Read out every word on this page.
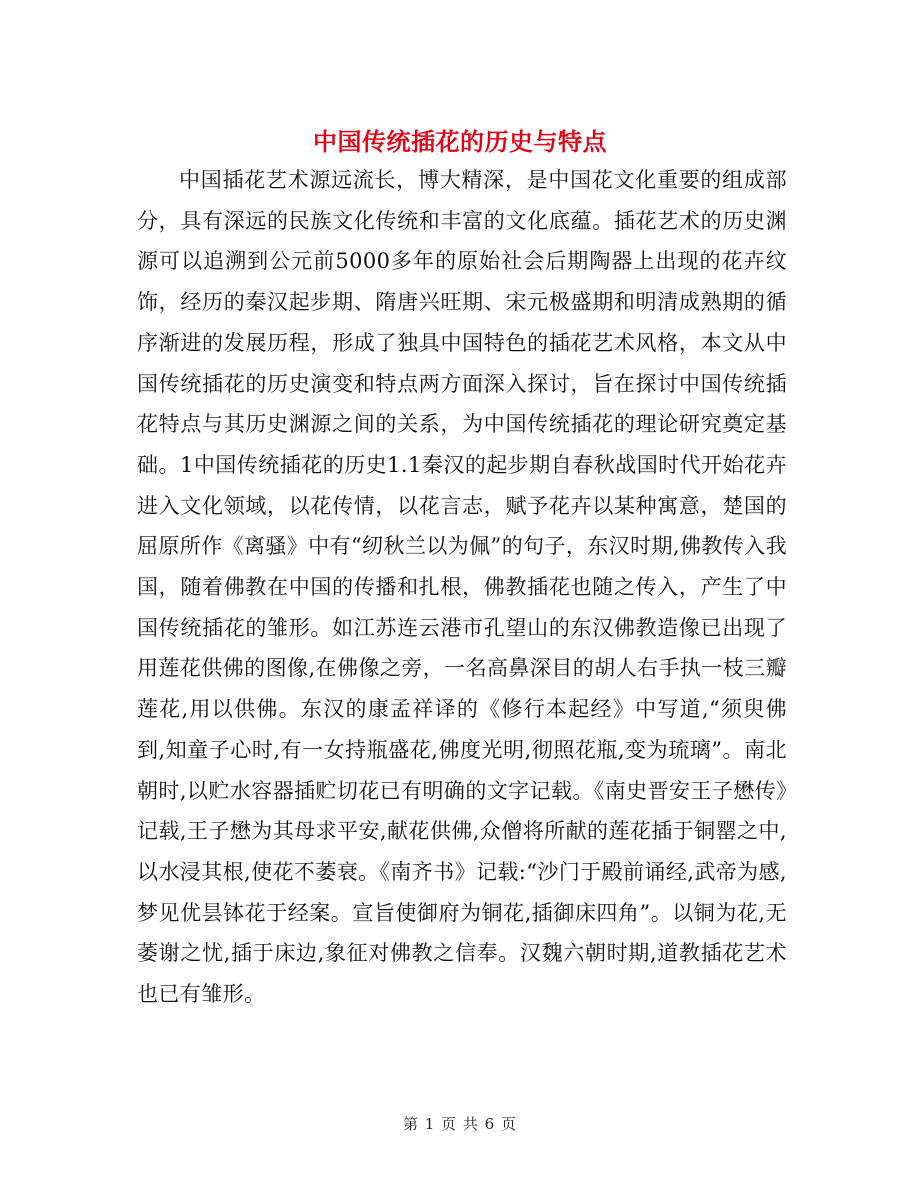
中国传统插花的历史与特点

中国插花艺术源远流长，博大精深，是中国花文化重要的组成部分，具有深远的民族文化传统和丰富的文化底蕴。插花艺术的历史渊源可以追溯到公元前5000多年的原始社会后期陶器上出现的花卉纹饰，经历的秦汉起步期、隋唐兴旺期、宋元极盛期和明清成熟期的循序渐进的发展历程，形成了独具中国特色的插花艺术风格，本文从中国传统插花的历史演变和特点两方面深入探讨，旨在探讨中国传统插花特点与其历史渊源之间的关系，为中国传统插花的理论研究奠定基础。1中国传统插花的历史1.1秦汉的起步期自春秋战国时代开始花卉进入文化领域，以花传情，以花言志，赋予花卉以某种寓意，楚国的屈原所作《离骚》中有“纫秋兰以为佩”的句子，东汉时期,佛教传入我国，随着佛教在中国的传播和扎根，佛教插花也随之传入，产生了中国传统插花的雏形。如江苏连云港市孔望山的东汉佛教造像已出现了用莲花供佛的图像,在佛像之旁，一名高鼻深目的胡人右手执一枝三瓣莲花,用以供佛。东汉的康孟祥译的《修行本起经》中写道,“须臾佛到,知童子心时,有一女持瓶盛花,佛度光明,彻照花瓶,变为琉璃”。南北朝时,以贮水容器插贮切花已有明确的文字记载。《南史晋安王子懋传》记载,王子懋为其母求平安,献花供佛,众僧将所献的莲花插于铜罂之中,以水浸其根,使花不萎衰。《南齐书》记载:“沙门于殿前诵经,武帝为感,梦见优昙钵花于经案。宣旨使御府为铜花,插御床四角”。以铜为花,无萎谢之忧,插于床边,象征对佛教之信奉。汉魏六朝时期,道教插花艺术也已有雏形。

第 1 页 共 6 页
